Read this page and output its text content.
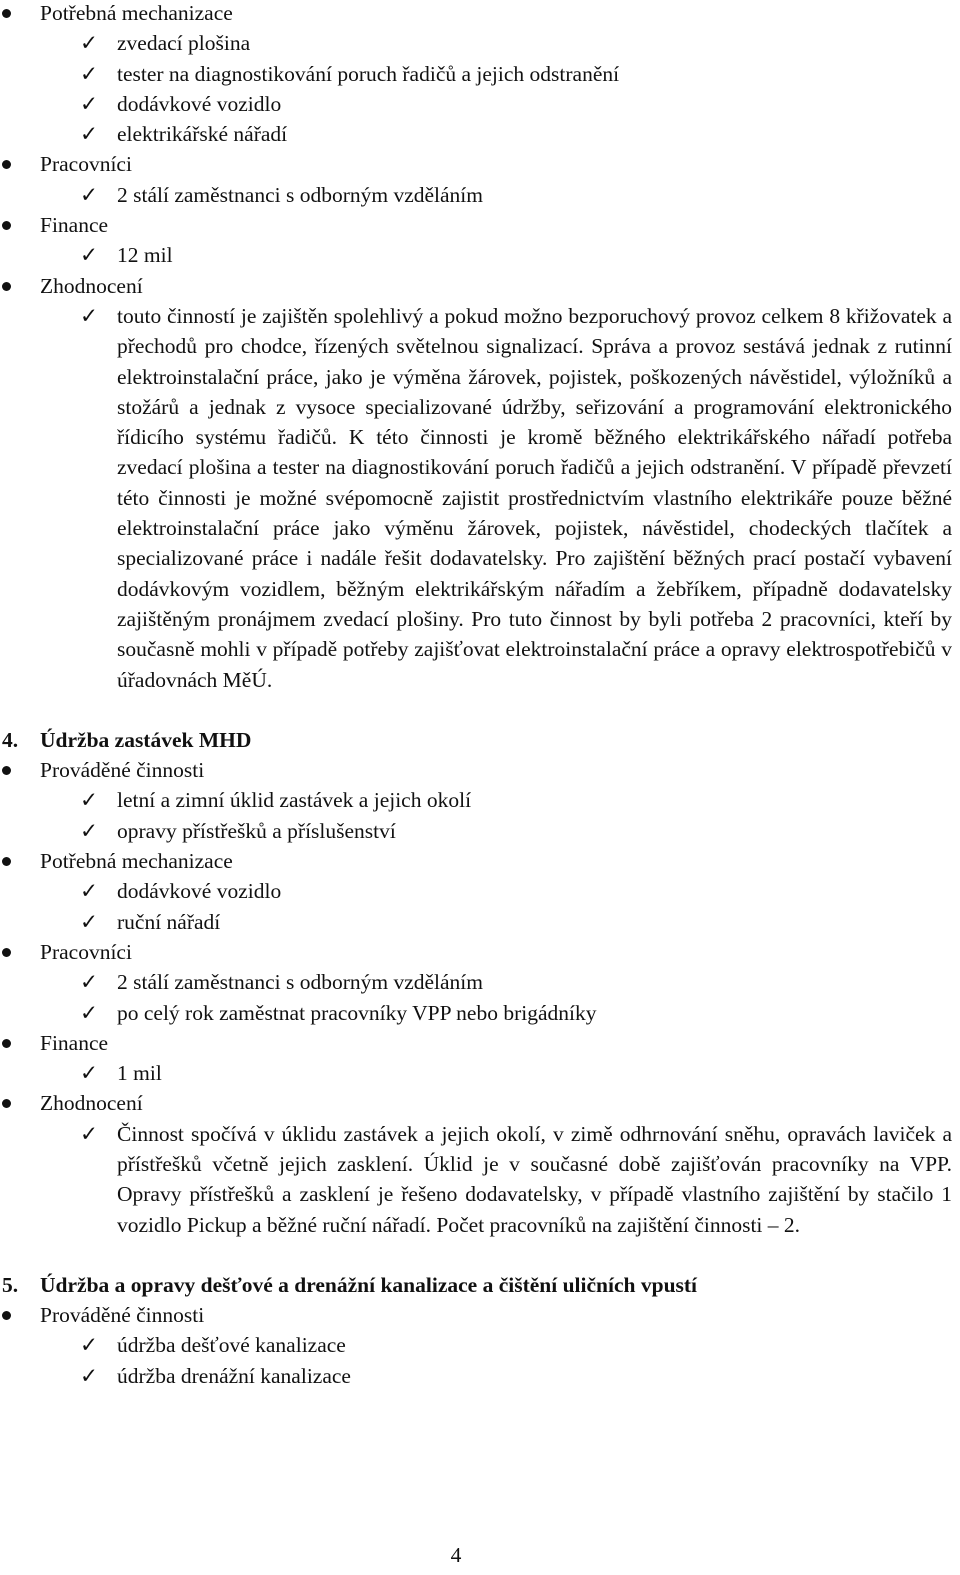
Potřebná mechanizace
✓ zvedací plošina
✓ tester na diagnostikování poruch řadičů a jejich odstranění
✓ dodávkové vozidlo
✓ elektrikářské nářadí
Pracovníci
✓ 2 stálí zaměstnanci s odborným vzděláním
Finance
✓ 12 mil
Zhodnocení
✓ touto činností je zajištěn spolehlivý a pokud možno bezporuchový provoz celkem 8 křižovatek a přechodů pro chodce, řízených světelnou signalizací. Správa a provoz sestává jednak z rutinní elektroinstalační práce, jako je výměna žárovek, pojistek, poškozených návěstidel, výložníků a stožárů a jednak z vysoce specializované údržby, seřizování a programování elektronického řídicího systému řadičů. K této činnosti je kromě běžného elektrikářského nářadí potřeba zvedací plošina a tester na diagnostikování poruch řadičů a jejich odstranění. V případě převzetí této činnosti je možné svépomocně zajistit prostřednictvím vlastního elektrikáře pouze běžné elektroinstalační práce jako výměnu žárovek, pojistek, návěstidel, chodeckých tlačítek a specializované práce i nadále řešit dodavatelsky. Pro zajištění běžných prací postačí vybavení dodávkovým vozidlem, běžným elektrikářským nářadím a žebříkem, případně dodavatelsky zajištěným pronájmem zvedací plošiny. Pro tuto činnost by byli potřeba 2 pracovníci, kteří by současně mohli v případě potřeby zajišťovat elektroinstalační práce a opravy elektrospotřebičů v úřadovnách MěÚ.
4. Údržba zastávek MHD
Prováděné činnosti
✓ letní a zimní úklid zastávek a jejich okolí
✓ opravy přístřešků a příslušenství
Potřebná mechanizace
✓ dodávkové vozidlo
✓ ruční nářadí
Pracovníci
✓ 2 stálí zaměstnanci s odborným vzděláním
✓ po celý rok zaměstnat pracovníky VPP nebo brigádníky
Finance
✓ 1 mil
Zhodnocení
✓ Činnost spočívá v úklidu zastávek a jejich okolí, v zimě odhrnování sněhu, opravách laviček a přístřešků včetně jejich zasklení. Úklid je v současné době zajišťován pracovníky na VPP. Opravy přístřešků a zasklení je řešeno dodavatelsky, v případě vlastního zajištění by stačilo 1 vozidlo Pickup a běžné ruční nářadí. Počet pracovníků na zajištění činnosti – 2.
5. Údržba a opravy dešťové a drenážní kanalizace a čištění uličních vpustí
Prováděné činnosti
✓ údržba dešťové kanalizace
✓ údržba drenážní kanalizace
4
